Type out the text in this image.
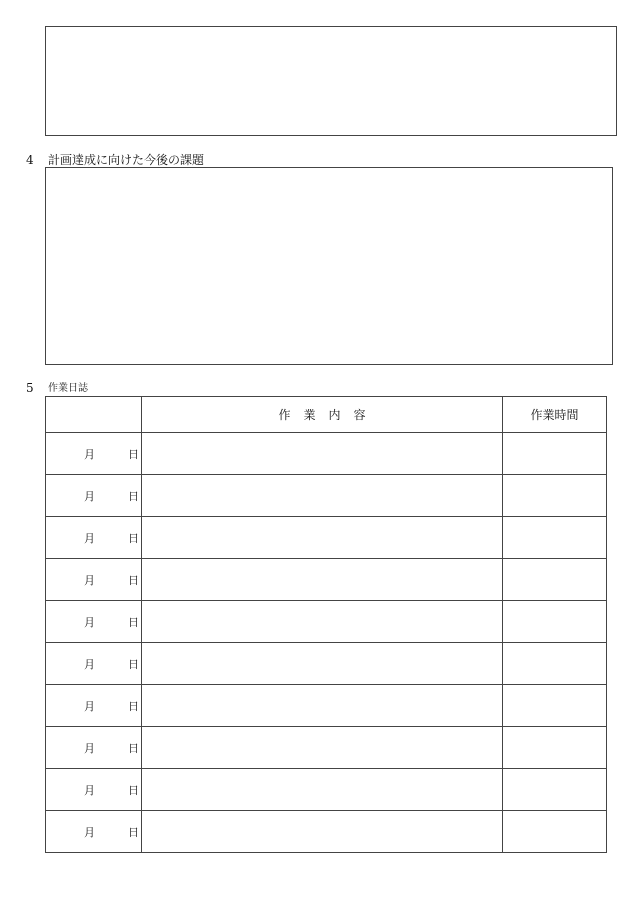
4 計画達成に向けた今後の課題
5 作業日誌
	作業内容	作業時間

月 日		

月 日		

月 日		

月 日		

月 日		

月 日		

月 日		

月 日		

月 日		

月 日		
